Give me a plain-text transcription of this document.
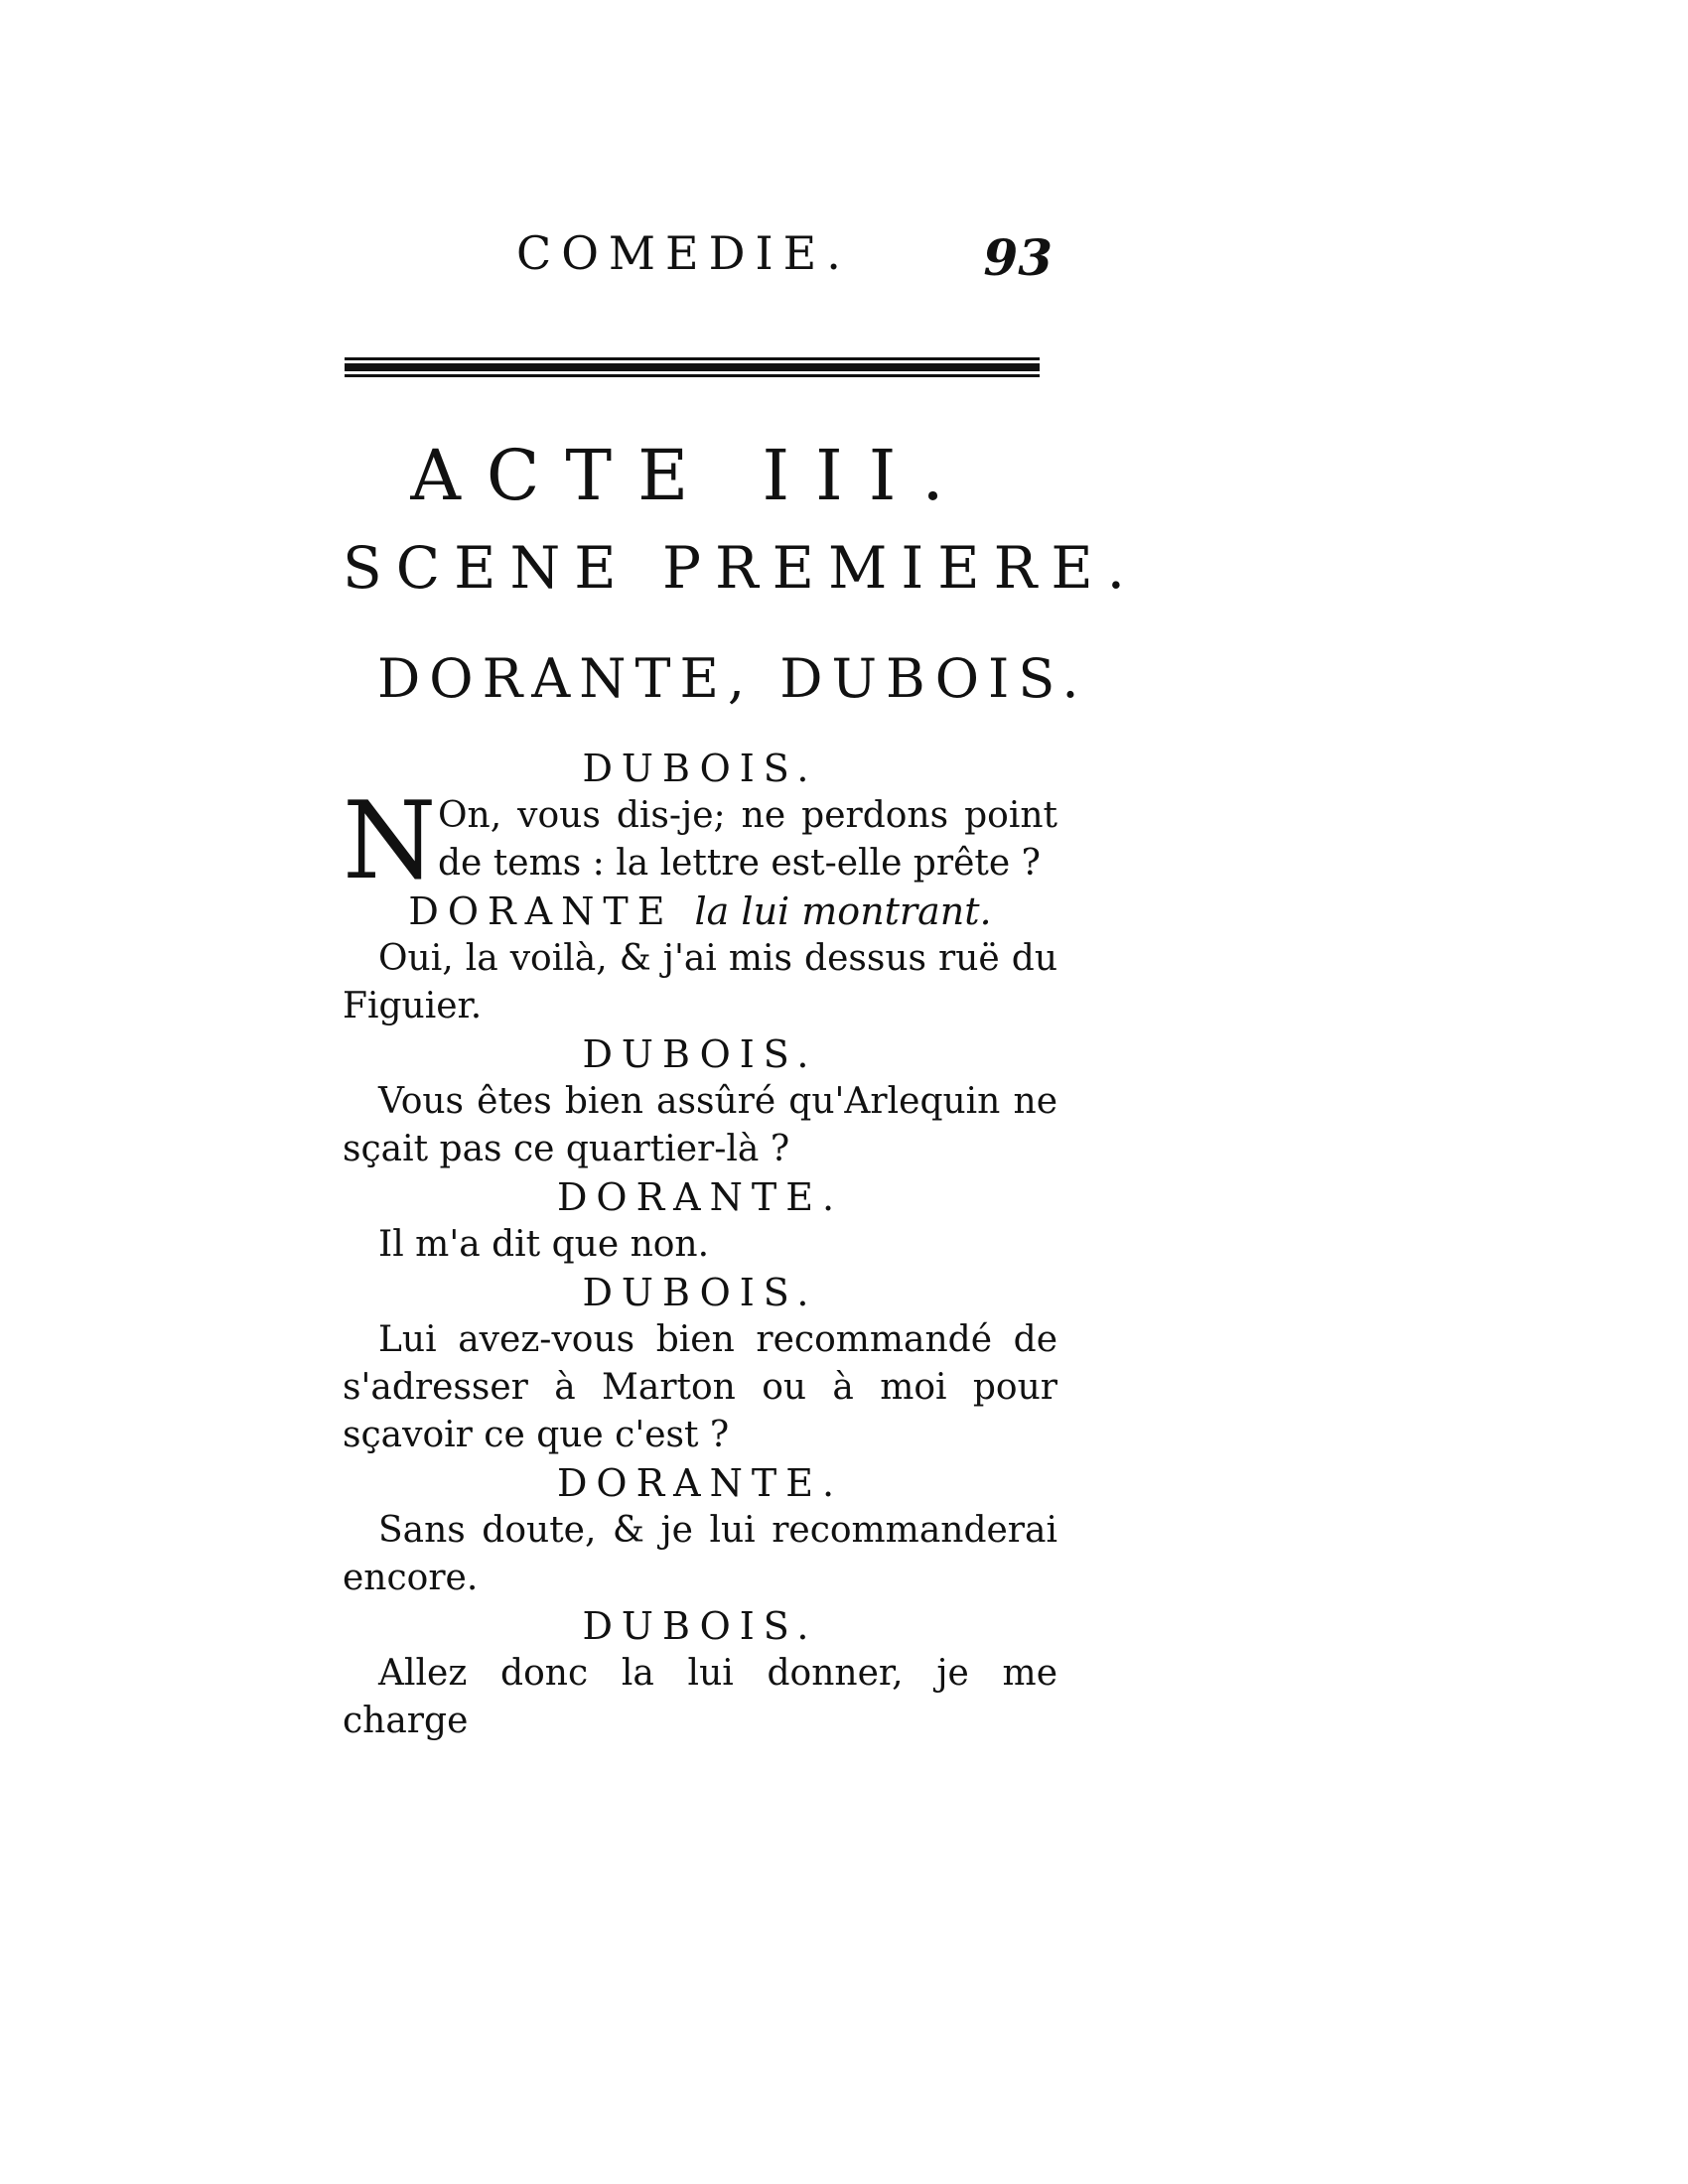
COMEDIE.	93
ACTE III.
SCENE PREMIERE.
DORANTE, DUBOIS.
DUBOIS.
N On, vous dis-je; ne perdons point de tems : la lettre est-elle prête ?
DORANTE la lui montrant.
Oui, la voilà, & j'ai mis dessus ruë du Figuier.
DUBOIS.
Vous êtes bien assûré qu'Arlequin ne sçait pas ce quartier-là ?
DORANTE.
Il m'a dit que non.
DUBOIS.
Lui avez-vous bien recommandé de s'adresser à Marton ou à moi pour sçavoir ce que c'est ?
DORANTE.
Sans doute, & je lui recommanderai encore.
DUBOIS.
Allez donc la lui donner, je me charge
